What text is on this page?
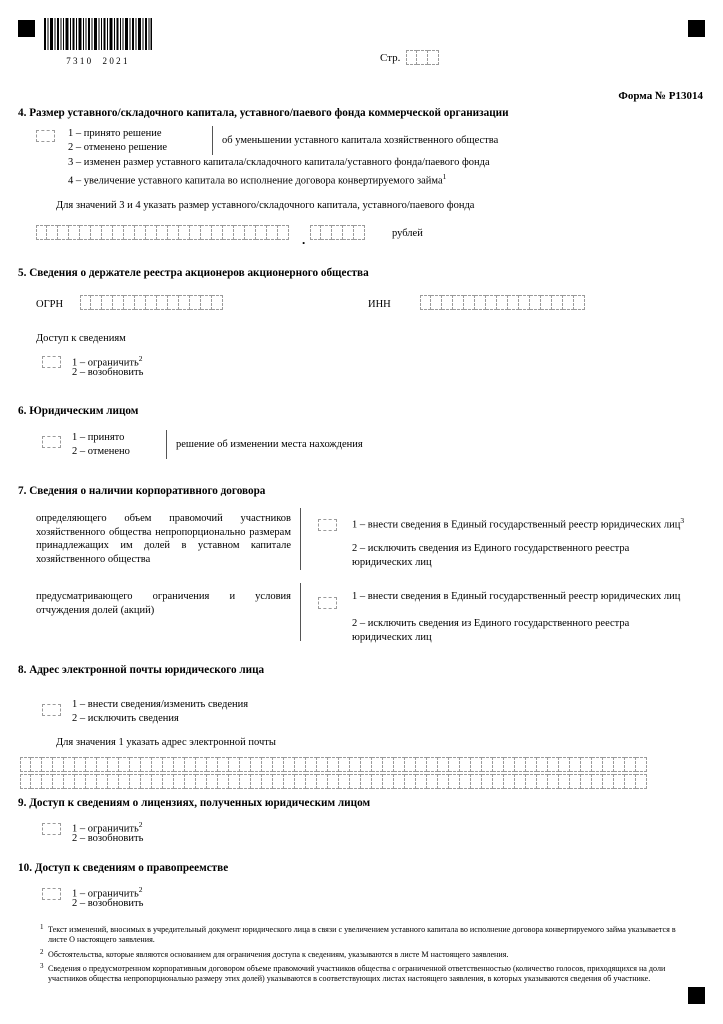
7310  2021	Стр.
Форма № Р13014
4. Размер уставного/складочного капитала, уставного/паевого фонда коммерческой организации
1 – принято решение
2 – отменено решение
об уменьшении уставного капитала хозяйственного общества
3 – изменен размер уставного капитала/складочного капитала/уставного фонда/паевого фонда
4 – увеличение уставного капитала во исполнение договора конвертируемого займа$^1$
Для значений 3 и 4 указать размер уставного/складочного капитала, уставного/паевого фонда
.	рублей
5. Сведения о держателе реестра акционеров акционерного общества
ОГРН	ИНН
Доступ к сведениям
1 – ограничить$^2$
2 – возобновить
6. Юридическим лицом
1 – принято
2 – отменено
решение об изменении места нахождения
7. Сведения о наличии корпоративного договора
определяющего объем правомочий участников хозяйственного общества непропорционально размерам принадлежащих им долей в уставном капитале хозяйственного общества
1 – внести сведения в Единый государственный реестр юридических лиц$^3$
2 – исключить сведения из Единого государственного реестра юридических лиц
предусматривающего ограничения и условия отчуждения долей (акций)
1 – внести сведения в Единый государственный реестр юридических лиц
2 – исключить сведения из Единого государственного реестра юридических лиц
8. Адрес электронной почты юридического лица
1 – внести сведения/изменить сведения
2 – исключить сведения
Для значения 1 указать адрес электронной почты
9. Доступ к сведениям о лицензиях, полученных юридическим лицом
1 – ограничить$^2$
2 – возобновить
10. Доступ к сведениям о правопреемстве
1 – ограничить$^2$
2 – возобновить
1 Текст изменений, вносимых в учредительный документ юридического лица в связи с увеличением уставного капитала во исполнение договора конвертируемого займа указывается в листе О настоящего заявления.
2 Обстоятельства, которые являются основанием для ограничения доступа к сведениям, указываются в листе М настоящего заявления.
3 Сведения о предусмотренном корпоративным договором объеме правомочий участников общества с ограниченной ответственностью (количество голосов, приходящихся на доли участников общества непропорционально размеру этих долей) указываются в соответствующих листах настоящего заявления, в которых указываются сведения об участнике.
